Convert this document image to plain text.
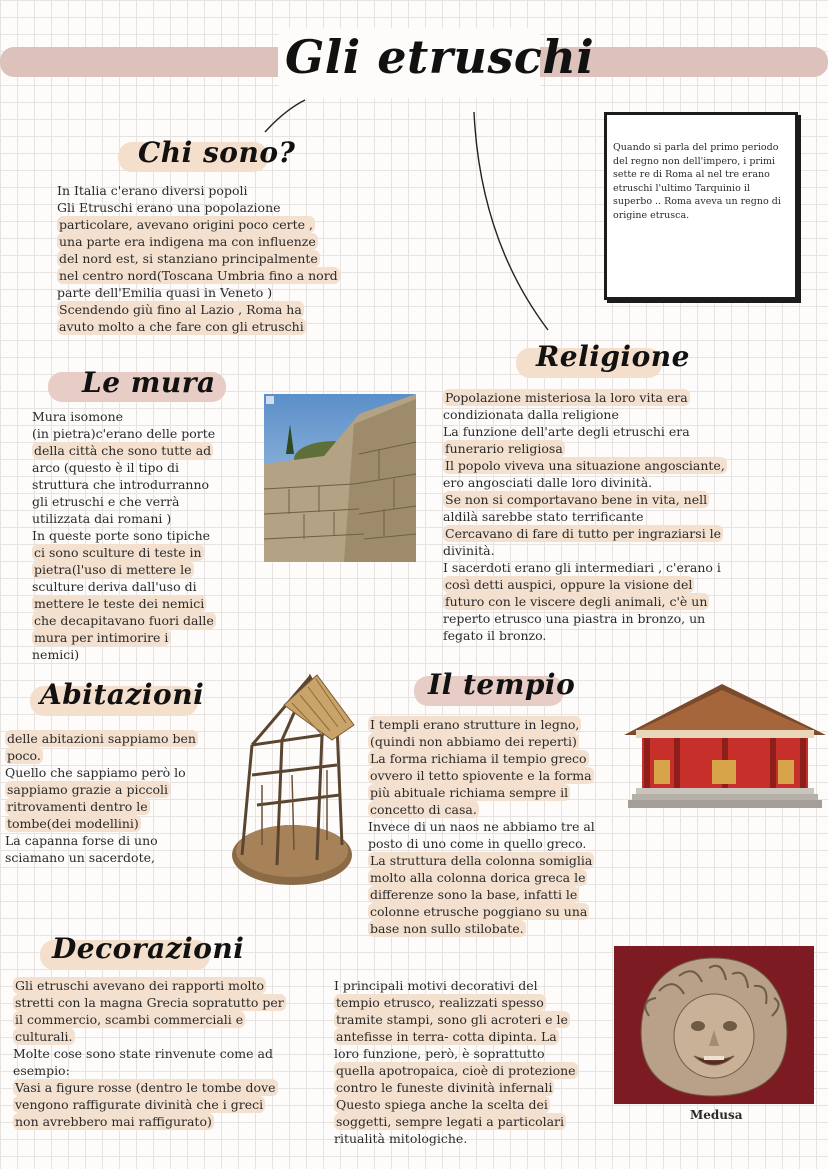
Gli etruschi
Chi sono?

In Italia c'erano diversi popoli

Gli Etruschi erano una popolazione

particolare, avevano origini poco certe ,

una parte era indigena ma con influenze

del nord est, si stanziano principalmente

nel centro nord(Toscana Umbria fino a nord

parte dell'Emilia quasi in Veneto )

Scendendo giù fino al Lazio , Roma ha

avuto molto a che fare con gli etruschi

Quando si parla del primo periodo del regno non dell'impero, i primi sette re di Roma al nel tre erano etruschi l'ultimo Tarquinio il superbo .. Roma aveva un regno di origine etrusca.
Religione

Popolazione misteriosa la loro vita era

condizionata dalla religione

La funzione dell'arte degli etruschi era

funerario religiosa

Il popolo viveva una situazione angosciante,

ero angosciati dalle loro divinità.

Se non si comportavano bene in vita, nell

aldilà sarebbe stato terrificante

Cercavano di fare di tutto per ingraziarsi le

divinità.

I sacerdoti erano gli intermediari , c'erano i

così detti auspici, oppure la visione del

futuro con le viscere degli animali, c'è un

reperto etrusco una piastra in bronzo, un

fegato il bronzo.

Le mura

Mura isomone

(in pietra)c'erano delle porte

della città che sono tutte ad

arco (questo è il tipo di

struttura che introdurranno

gli etruschi e che verrà

utilizzata dai romani )

In queste porte sono tipiche

ci sono sculture di teste in

pietra(l'uso di mettere le

sculture deriva dall'uso di

mettere le teste dei nemici

che decapitavano fuori dalle

mura per intimorire i

nemici)

Abitazioni

delle abitazioni sappiamo ben

poco.

Quello che sappiamo però lo

sappiamo grazie a piccoli

ritrovamenti dentro le

tombe(dei modellini)

La capanna forse di uno

sciamano un sacerdote,

Il tempio

I templi erano strutture in legno,

(quindi non abbiamo dei reperti)

La forma richiama il tempio greco

ovvero il tetto spiovente e la forma

più abituale richiama sempre il

concetto di casa.

Invece di un naos ne abbiamo tre al

posto di uno come in quello greco.

La struttura della colonna somiglia

molto alla colonna dorica greca le

differenze sono la base, infatti le

colonne etrusche poggiano su una

base non sullo stilobate.

Decorazioni

Gli etruschi avevano dei rapporti molto

stretti con la magna Grecia sopratutto per

il commercio, scambi commerciali e

culturali.

Molte cose sono state rinvenute come ad

esempio:

Vasi a figure rosse (dentro le tombe dove

vengono raffigurate divinità che i greci

non avrebbero mai raffigurato)

I principali motivi decorativi del

tempio etrusco, realizzati spesso

tramite stampi, sono gli acroteri e le

antefisse in terra- cotta dipinta. La

loro funzione, però, è soprattutto

quella apotropaica, cioè di protezione

contro le funeste divinità infernali

Questo spiega anche la scelta dei

soggetti, sempre legati a particolari

ritualità mitologiche.

Medusa
